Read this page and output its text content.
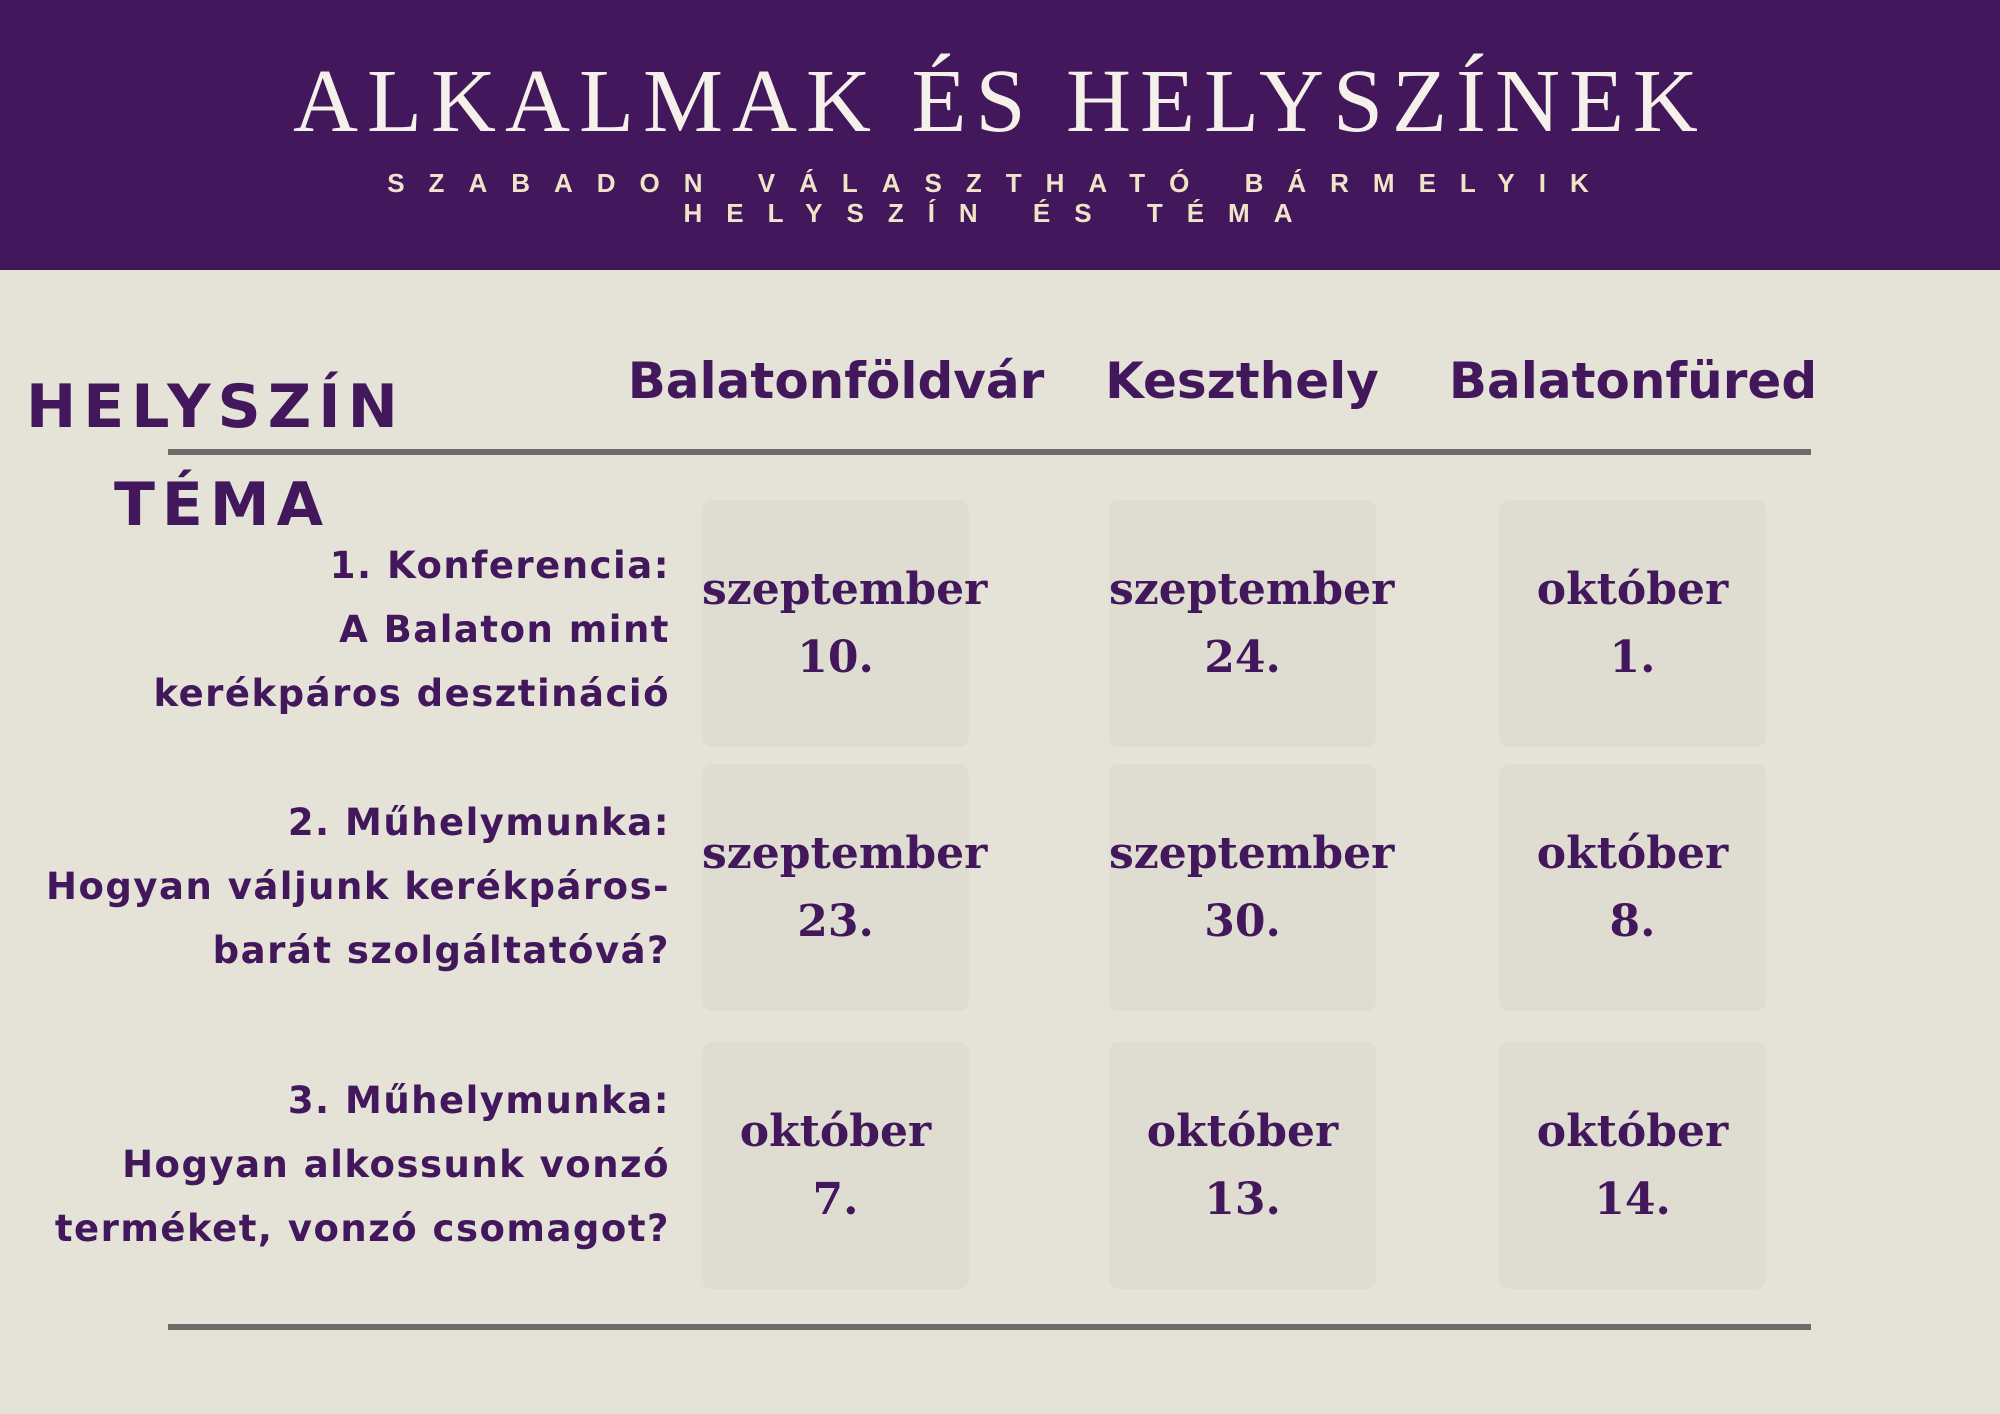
ALKALMAK ÉS HELYSZÍNEK
SZABADON VÁLASZTHATÓ BÁRMELYIK HELYSZÍN ÉS TÉMA
HELYSZÍN
TÉMA
Balatonföldvár	Keszthely	Balatonfüred
1. Konferencia:
A Balaton mint
kerékpáros desztináció
szeptember
10.
szeptember
24.
október
1.
2. Műhelymunka:
Hogyan váljunk kerékpáros-
barát szolgáltatóvá?
szeptember
23.
szeptember
30.
október
8.
3. Műhelymunka:
Hogyan alkossunk vonzó
terméket, vonzó csomagot?
október
7.
október
13.
október
14.
